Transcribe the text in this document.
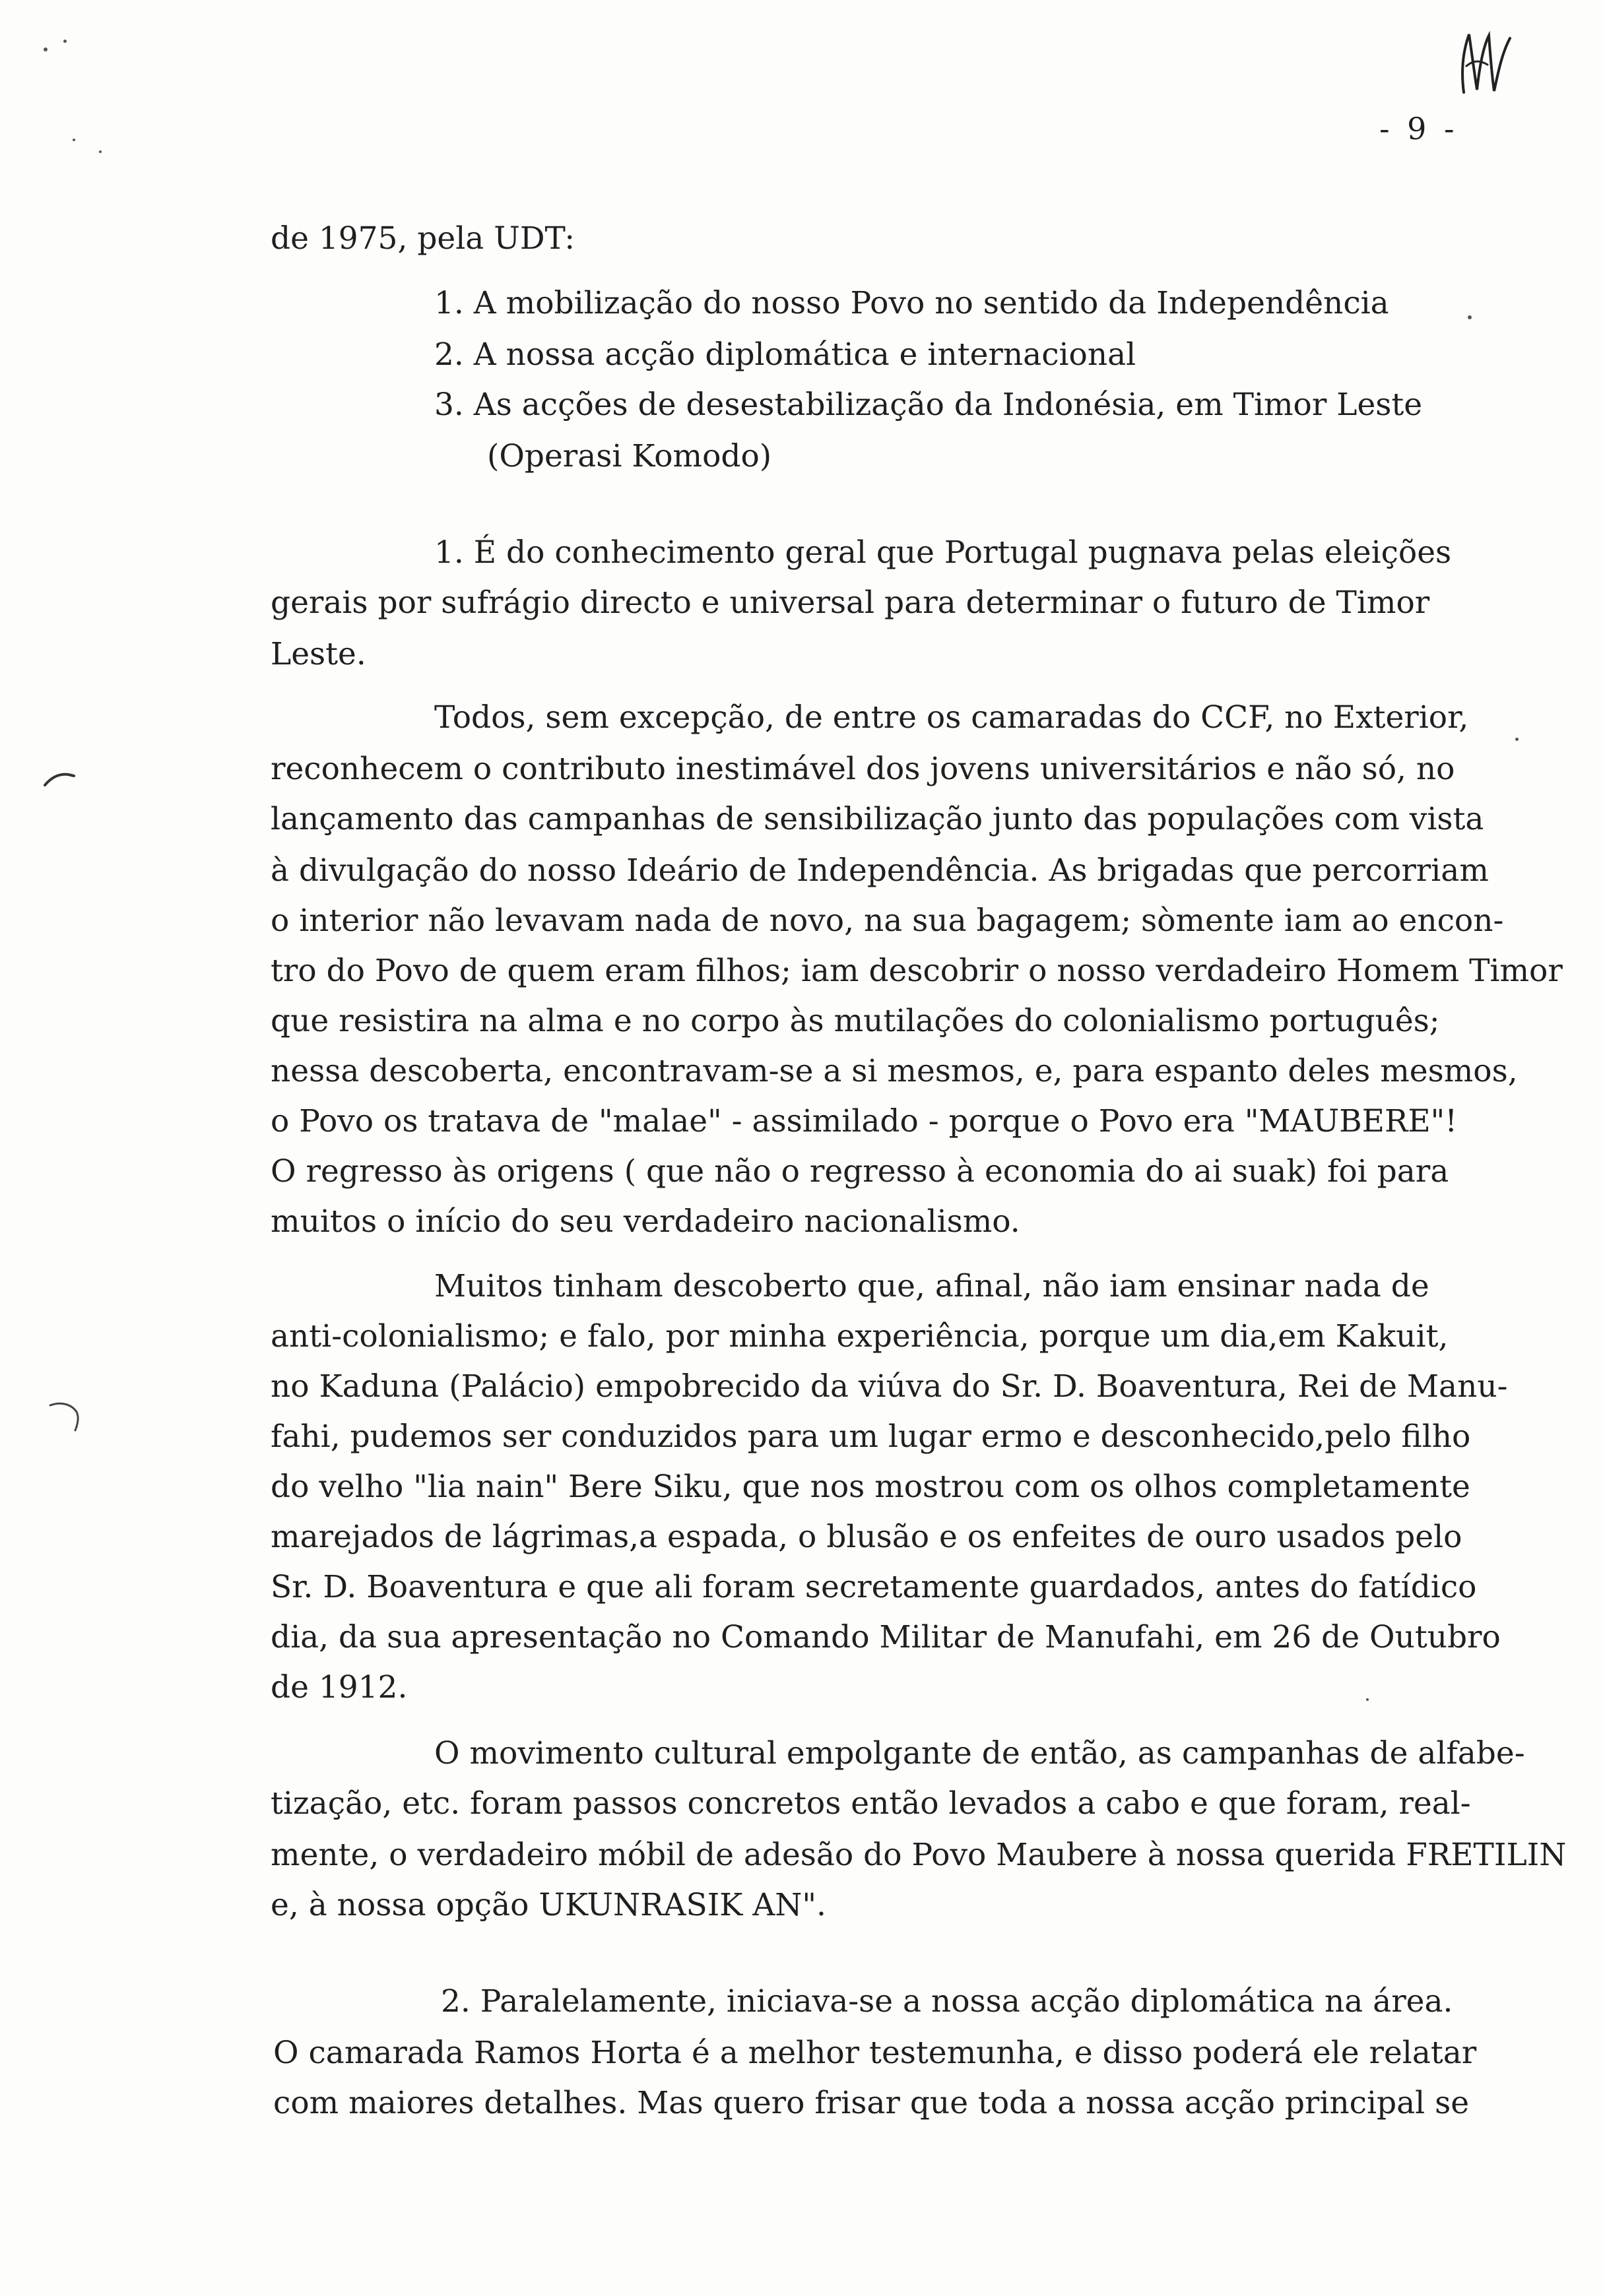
- 9 -
de 1975, pela UDT:
1. A mobilização do nosso Povo no sentido da Independência
2. A nossa acção diplomática e internacional
3. As acções de desestabilização da Indonésia, em Timor Leste
(Operasi Komodo)
1. É do conhecimento geral que Portugal pugnava pelas eleições
gerais por sufrágio directo e universal para determinar o futuro de Timor
Leste.
Todos, sem excepção, de entre os camaradas do CCF, no Exterior,
reconhecem o contributo inestimável dos jovens universitários e não só, no
lançamento das campanhas de sensibilização junto das populações com vista
à divulgação do nosso Ideário de Independência. As brigadas que percorriam
o interior não levavam nada de novo, na sua bagagem; sòmente iam ao encon-
tro do Povo de quem eram filhos; iam descobrir o nosso verdadeiro Homem Timor
que resistira na alma e no corpo às mutilações do colonialismo português;
nessa descoberta, encontravam-se a si mesmos, e, para espanto deles mesmos,
o Povo os tratava de "malae" - assimilado - porque o Povo era "MAUBERE"!
O regresso às origens ( que não o regresso à economia do ai suak) foi para
muitos o início do seu verdadeiro nacionalismo.
Muitos tinham descoberto que, afinal, não iam ensinar nada de
anti-colonialismo; e falo, por minha experiência, porque um dia,em Kakuit,
no Kaduna (Palácio) empobrecido da viúva do Sr. D. Boaventura, Rei de Manu-
fahi, pudemos ser conduzidos para um lugar ermo e desconhecido,pelo filho
do velho "lia nain" Bere Siku, que nos mostrou com os olhos completamente
marejados de lágrimas,a espada, o blusão e os enfeites de ouro usados pelo
Sr. D. Boaventura e que ali foram secretamente guardados, antes do fatídico
dia, da sua apresentação no Comando Militar de Manufahi, em 26 de Outubro
de 1912.
O movimento cultural empolgante de então, as campanhas de alfabe-
tização, etc. foram passos concretos então levados a cabo e que foram, real-
mente, o verdadeiro móbil de adesão do Povo Maubere à nossa querida FRETILIN
e, à nossa opção UKUNRASIK AN".
2. Paralelamente, iniciava-se a nossa acção diplomática na área.
O camarada Ramos Horta é a melhor testemunha, e disso poderá ele relatar
com maiores detalhes. Mas quero frisar que toda a nossa acção principal se
